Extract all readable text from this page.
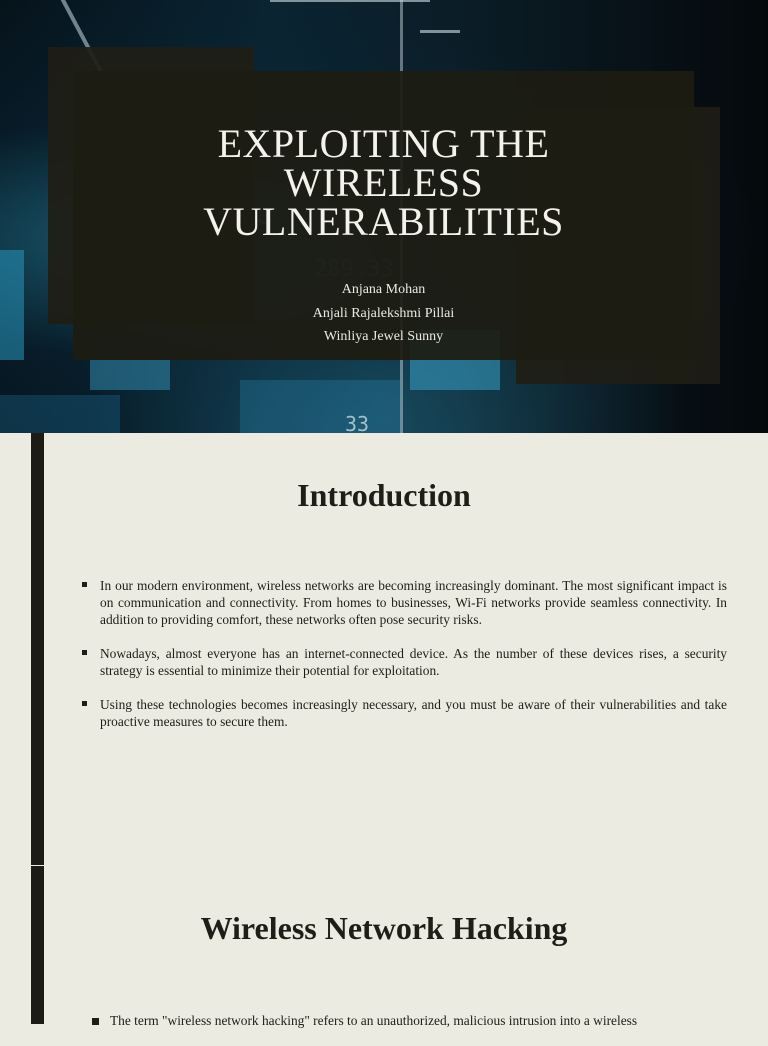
33
EXPLOITING THE
WIRELESS
VULNERABILITIES
Anjana Mohan
Anjali Rajalekshmi Pillai
Winliya Jewel Sunny
Introduction
In our modern environment, wireless networks are becoming increasingly dominant. The most significant impact is on communication and connectivity. From homes to businesses, Wi-Fi networks provide seamless connectivity. In addition to providing comfort, these networks often pose security risks.
Nowadays, almost everyone has an internet-connected device. As the number of these devices rises, a security strategy is essential to minimize their potential for exploitation.
Using these technologies becomes increasingly necessary, and you must be aware of their vulnerabilities and take proactive measures to secure them.
Wireless Network Hacking
The term "wireless network hacking" refers to an unauthorized, malicious intrusion into a wireless
